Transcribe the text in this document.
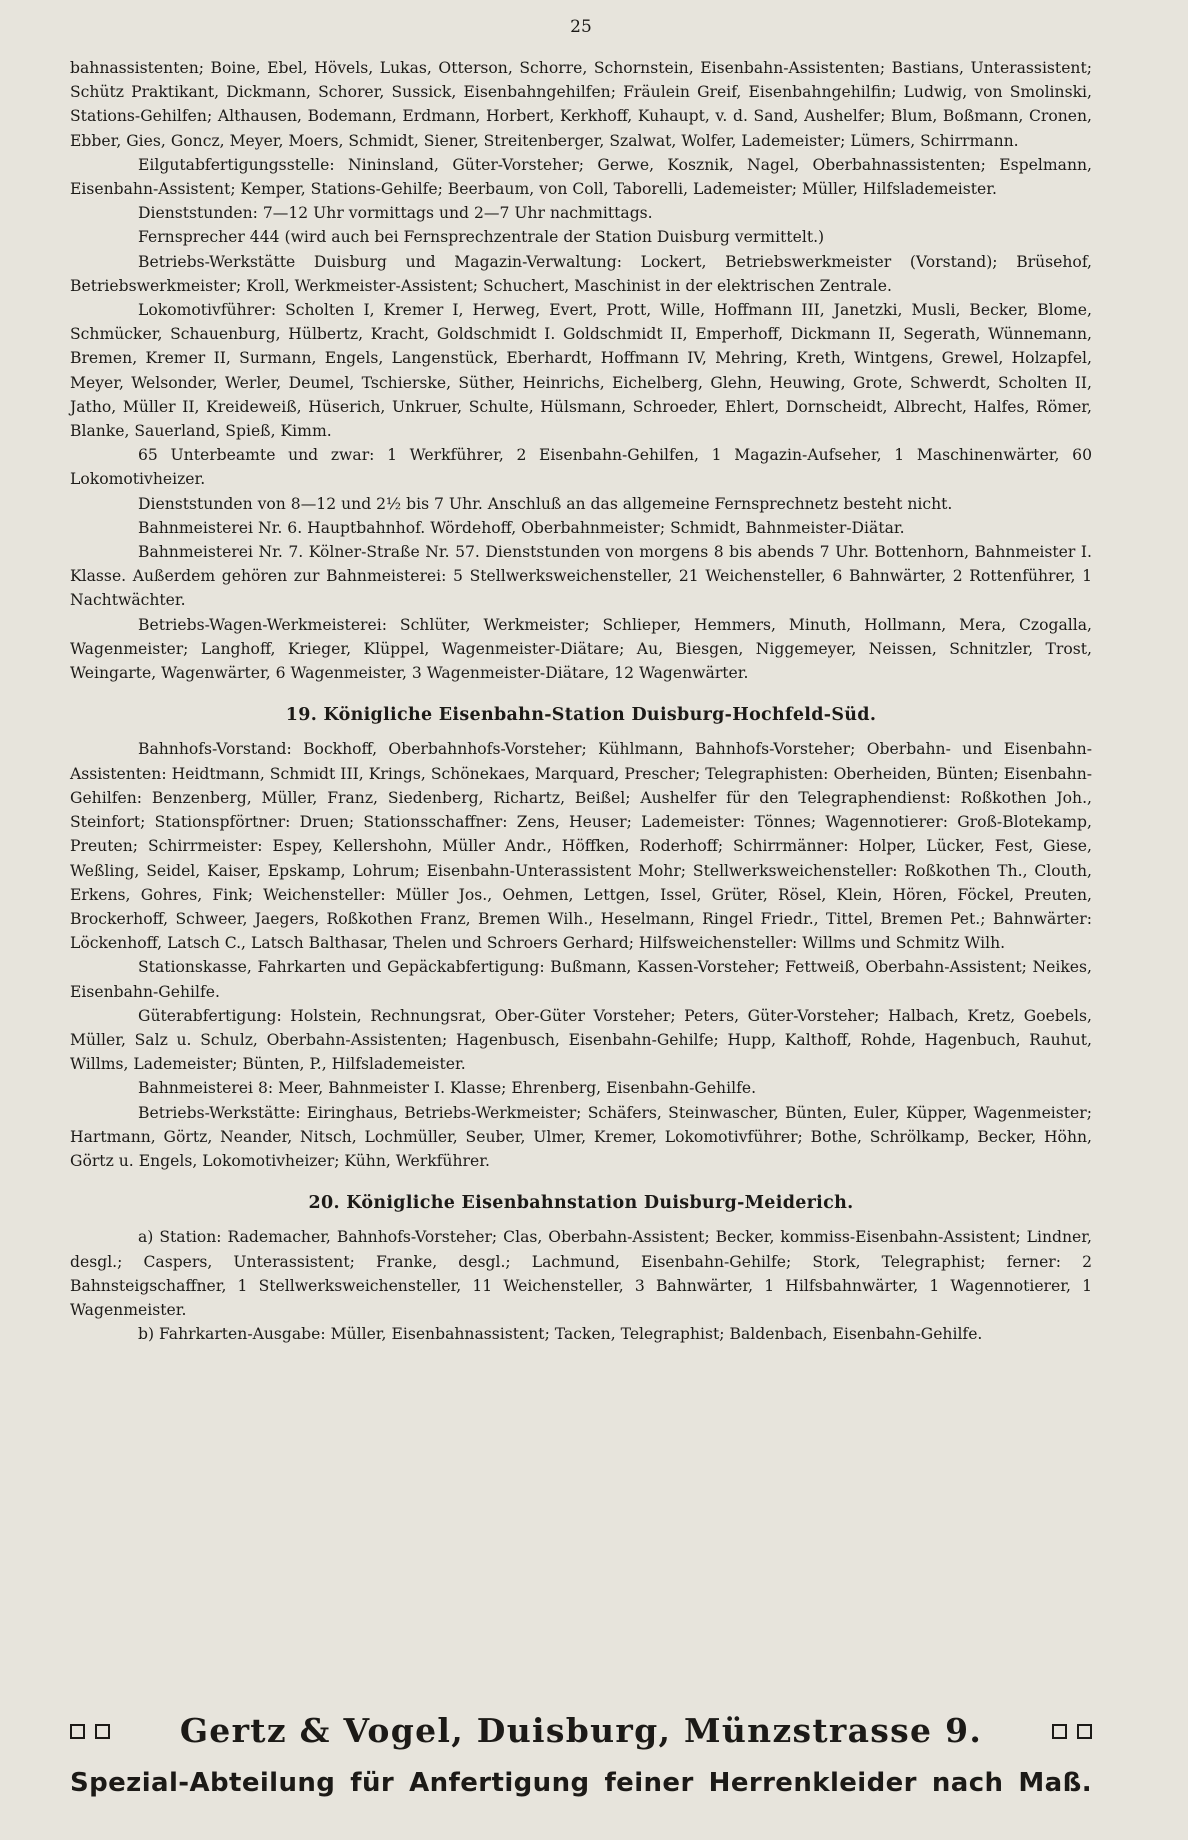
25

bahnassistenten; Boine, Ebel, Hövels, Lukas, Otterson, Schorre, Schornstein, Eisenbahn-Assistenten; Bastians, Unterassistent; Schütz Praktikant, Dickmann, Schorer, Sussick, Eisenbahngehilfen; Fräulein Greif, Eisenbahngehilfin; Ludwig, von Smolinski, Stations-Gehilfen; Althausen, Bodemann, Erdmann, Horbert, Kerkhoff, Kuhaupt, v. d. Sand, Aushelfer; Blum, Boßmann, Cronen, Ebber, Gies, Goncz, Meyer, Moers, Schmidt, Siener, Streitenberger, Szalwat, Wolfer, Lademeister; Lümers, Schirrmann.

Eilgutabfertigungsstelle: Nininsland, Güter-Vorsteher; Gerwe, Kosznik, Nagel, Oberbahnassistenten; Espelmann, Eisenbahn-Assistent; Kemper, Stations-Gehilfe; Beerbaum, von Coll, Taborelli, Lademeister; Müller, Hilfslademeister.

Dienststunden: 7—12 Uhr vormittags und 2—7 Uhr nachmittags.

Fernsprecher 444 (wird auch bei Fernsprechzentrale der Station Duisburg vermittelt.)

Betriebs-Werkstätte Duisburg und Magazin-Verwaltung: Lockert, Betriebswerkmeister (Vorstand); Brüsehof, Betriebswerkmeister; Kroll, Werkmeister-Assistent; Schuchert, Maschinist in der elektrischen Zentrale.

Lokomotivführer: Scholten I, Kremer I, Herweg, Evert, Prott, Wille, Hoffmann III, Janetzki, Musli, Becker, Blome, Schmücker, Schauenburg, Hülbertz, Kracht, Goldschmidt I. Goldschmidt II, Emperhoff, Dickmann II, Segerath, Wünnemann, Bremen, Kremer II, Surmann, Engels, Langenstück, Eberhardt, Hoffmann IV, Mehring, Kreth, Wintgens, Grewel, Holzapfel, Meyer, Welsonder, Werler, Deumel, Tschierske, Süther, Heinrichs, Eichelberg, Glehn, Heuwing, Grote, Schwerdt, Scholten II, Jatho, Müller II, Kreideweiß, Hüserich, Unkruer, Schulte, Hülsmann, Schroeder, Ehlert, Dornscheidt, Albrecht, Halfes, Römer, Blanke, Sauerland, Spieß, Kimm.

65 Unterbeamte und zwar: 1 Werkführer, 2 Eisenbahn-Gehilfen, 1 Magazin-Aufseher, 1 Maschinenwärter, 60 Lokomotivheizer.

Dienststunden von 8—12 und 2½ bis 7 Uhr. Anschluß an das allgemeine Fernsprechnetz besteht nicht.

Bahnmeisterei Nr. 6. Hauptbahnhof. Wördehoff, Oberbahnmeister; Schmidt, Bahnmeister-Diätar.

Bahnmeisterei Nr. 7. Kölner-Straße Nr. 57. Dienststunden von morgens 8 bis abends 7 Uhr. Bottenhorn, Bahnmeister I. Klasse. Außerdem gehören zur Bahnmeisterei: 5 Stellwerksweichensteller, 21 Weichensteller, 6 Bahnwärter, 2 Rottenführer, 1 Nachtwächter.

Betriebs-Wagen-Werkmeisterei: Schlüter, Werkmeister; Schlieper, Hemmers, Minuth, Hollmann, Mera, Czogalla, Wagenmeister; Langhoff, Krieger, Klüppel, Wagenmeister-Diätare; Au, Biesgen, Niggemeyer, Neissen, Schnitzler, Trost, Weingarte, Wagenwärter, 6 Wagenmeister, 3 Wagenmeister-Diätare, 12 Wagenwärter.

19. Königliche Eisenbahn-Station Duisburg-Hochfeld-Süd.

Bahnhofs-Vorstand: Bockhoff, Oberbahnhofs-Vorsteher; Kühlmann, Bahnhofs-Vorsteher; Oberbahn- und Eisenbahn-Assistenten: Heidtmann, Schmidt III, Krings, Schönekaes, Marquard, Prescher; Telegraphisten: Oberheiden, Bünten; Eisenbahn-Gehilfen: Benzenberg, Müller, Franz, Siedenberg, Richartz, Beißel; Aushelfer für den Telegraphendienst: Roßkothen Joh., Steinfort; Stationspförtner: Druen; Stationsschaffner: Zens, Heuser; Lademeister: Tönnes; Wagennotierer: Groß-Blotekamp, Preuten; Schirrmeister: Espey, Kellershohn, Müller Andr., Höffken, Roderhoff; Schirrmänner: Holper, Lücker, Fest, Giese, Weßling, Seidel, Kaiser, Epskamp, Lohrum; Eisenbahn-Unterassistent Mohr; Stellwerksweichensteller: Roßkothen Th., Clouth, Erkens, Gohres, Fink; Weichensteller: Müller Jos., Oehmen, Lettgen, Issel, Grüter, Rösel, Klein, Hören, Föckel, Preuten, Brockerhoff, Schweer, Jaegers, Roßkothen Franz, Bremen Wilh., Heselmann, Ringel Friedr., Tittel, Bremen Pet.; Bahnwärter: Löckenhoff, Latsch C., Latsch Balthasar, Thelen und Schroers Gerhard; Hilfsweichensteller: Willms und Schmitz Wilh.

Stationskasse, Fahrkarten und Gepäckabfertigung: Bußmann, Kassen-Vorsteher; Fettweiß, Oberbahn-Assistent; Neikes, Eisenbahn-Gehilfe.

Güterabfertigung: Holstein, Rechnungsrat, Ober-Güter Vorsteher; Peters, Güter-Vorsteher; Halbach, Kretz, Goebels, Müller, Salz u. Schulz, Oberbahn-Assistenten; Hagenbusch, Eisenbahn-Gehilfe; Hupp, Kalthoff, Rohde, Hagenbuch, Rauhut, Willms, Lademeister; Bünten, P., Hilfslademeister.

Bahnmeisterei 8: Meer, Bahnmeister I. Klasse; Ehrenberg, Eisenbahn-Gehilfe.

Betriebs-Werkstätte: Eiringhaus, Betriebs-Werkmeister; Schäfers, Steinwascher, Bünten, Euler, Küpper, Wagenmeister; Hartmann, Görtz, Neander, Nitsch, Lochmüller, Seuber, Ulmer, Kremer, Lokomotivführer; Bothe, Schrölkamp, Becker, Höhn, Görtz u. Engels, Lokomotivheizer; Kühn, Werkführer.

20. Königliche Eisenbahnstation Duisburg-Meiderich.

a) Station: Rademacher, Bahnhofs-Vorsteher; Clas, Oberbahn-Assistent; Becker, kommiss-Eisenbahn-Assistent; Lindner, desgl.; Caspers, Unterassistent; Franke, desgl.; Lachmund, Eisenbahn-Gehilfe; Stork, Telegraphist; ferner: 2 Bahnsteigschaffner, 1 Stellwerksweichensteller, 11 Weichensteller, 3 Bahnwärter, 1 Hilfsbahnwärter, 1 Wagennotierer, 1 Wagenmeister.

b) Fahrkarten-Ausgabe: Müller, Eisenbahnassistent; Tacken, Telegraphist; Baldenbach, Eisenbahn-Gehilfe.

Gertz & Vogel, Duisburg, Münzstrasse 9.
Spezial-Abteilung für Anfertigung feiner Herrenkleider nach Maß.
